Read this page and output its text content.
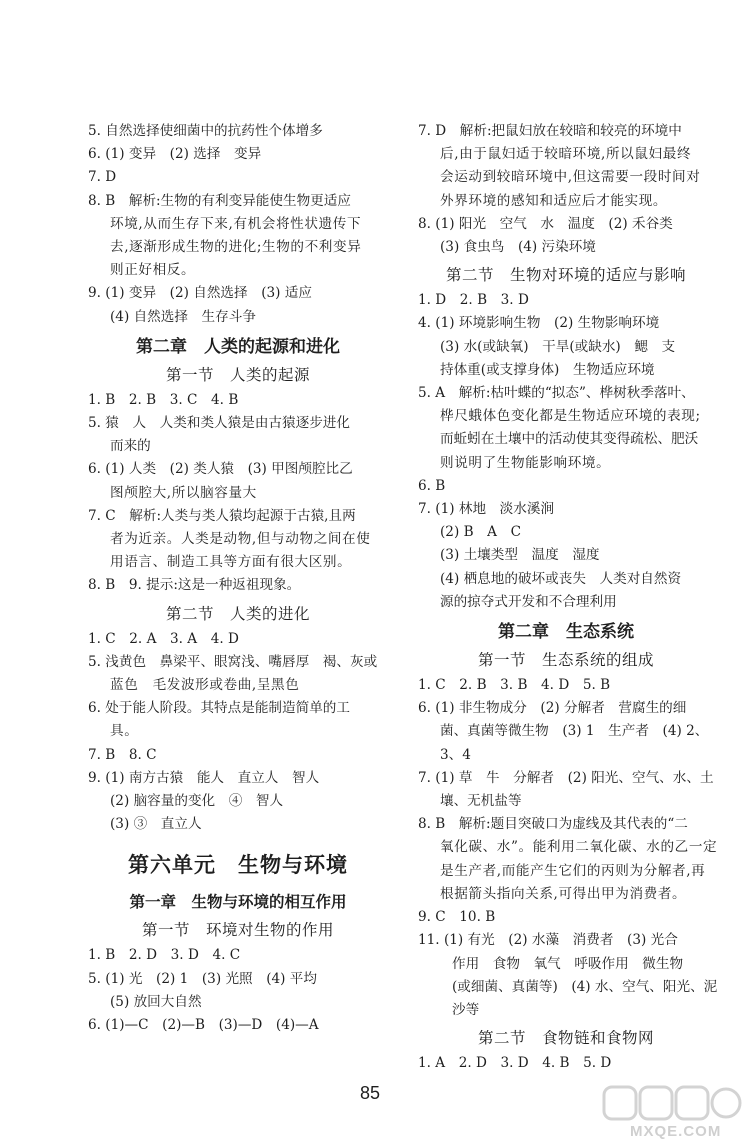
5. 自然选择使细菌中的抗药性个体增多
6. (1) 变异　(2) 选择　变异
7. D
8. B　解析:生物的有利变异能使生物更适应
环境,从而生存下来,有机会将性状遗传下
去,逐渐形成生物的进化;生物的不利变异
则正好相反。
9. (1) 变异　(2) 自然选择　(3) 适应
(4) 自然选择　生存斗争
第二章　人类的起源和进化
第一节　人类的起源
1. B　2. B　3. C　4. B
5. 猿　人　人类和类人猿是由古猿逐步进化
而来的
6. (1) 人类　(2) 类人猿　(3) 甲图颅腔比乙
图颅腔大,所以脑容量大
7. C　解析:人类与类人猿均起源于古猿,且两
者为近亲。人类是动物,但与动物之间在使
用语言、制造工具等方面有很大区别。
8. B　9. 提示:这是一种返祖现象。
第二节　人类的进化
1. C　2. A　3. A　4. D
5. 浅黄色　鼻梁平、眼窝浅、嘴唇厚　褐、灰或
蓝色　毛发波形或卷曲,呈黑色
6. 处于能人阶段。其特点是能制造简单的工
具。
7. B　8. C
9. (1) 南方古猿　能人　直立人　智人
(2) 脑容量的变化　④　智人
(3) ③　直立人
第六单元　生物与环境
第一章　生物与环境的相互作用
第一节　环境对生物的作用
1. B　2. D　3. D　4. C
5. (1) 光　(2) 1　(3) 光照　(4) 平均
(5) 放回大自然
6. (1)—C　(2)—B　(3)—D　(4)—A
7. D　解析:把鼠妇放在较暗和较亮的环境中
后,由于鼠妇适于较暗环境,所以鼠妇最终
会运动到较暗环境中,但这需要一段时间对
外界环境的感知和适应后才能实现。
8. (1) 阳光　空气　水　温度　(2) 禾谷类
(3) 食虫鸟　(4) 污染环境
第二节　生物对环境的适应与影响
1. D　2. B　3. D
4. (1) 环境影响生物　(2) 生物影响环境
(3) 水(或缺氧)　干旱(或缺水)　鳃　支
持体重(或支撑身体)　生物适应环境
5. A　解析:枯叶蝶的“拟态”、桦树秋季落叶、
桦尺蛾体色变化都是生物适应环境的表现;
而蚯蚓在土壤中的活动使其变得疏松、肥沃
则说明了生物能影响环境。
6. B
7. (1) 林地　淡水溪涧
(2) B　A　C
(3) 土壤类型　温度　湿度
(4) 栖息地的破坏或丧失　人类对自然资
源的掠夺式开发和不合理利用
第二章　生态系统
第一节　生态系统的组成
1. C　2. B　3. B　4. D　5. B
6. (1) 非生物成分　(2) 分解者　营腐生的细
菌、真菌等微生物　(3) 1　生产者　(4) 2、
3、4
7. (1) 草　牛　分解者　(2) 阳光、空气、水、土
壤、无机盐等
8. B　解析:题目突破口为虚线及其代表的“二
氧化碳、水”。能利用二氧化碳、水的乙一定
是生产者,而能产生它们的丙则为分解者,再
根据箭头指向关系,可得出甲为消费者。
9. C　10. B
11. (1) 有光　(2) 水藻　消费者　(3) 光合
作用　食物　氧气　呼吸作用　微生物
(或细菌、真菌等)　(4) 水、空气、阳光、泥
沙等
第二节　食物链和食物网
1. A　2. D　3. D　4. B　5. D
85
MXQE.COM
